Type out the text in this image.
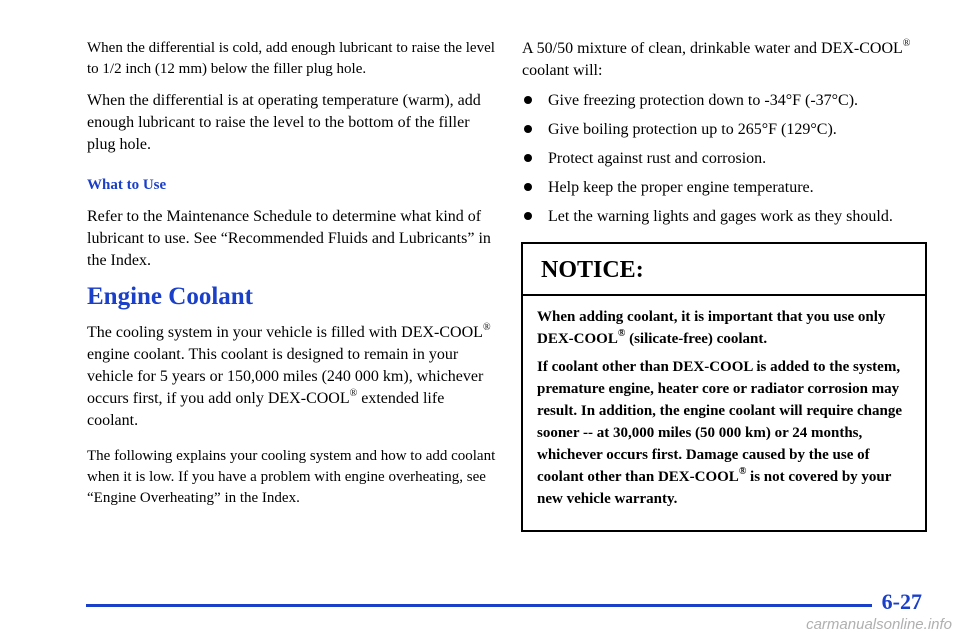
When the differential is cold, add enough lubricant to raise the level to 1/2 inch (12 mm) below the filler plug hole.

When the differential is at operating temperature (warm), add enough lubricant to raise the level to the bottom of the filler plug hole.

What to Use

Refer to the Maintenance Schedule to determine what kind of lubricant to use. See “Recommended Fluids and Lubricants” in the Index.

Engine Coolant

The cooling system in your vehicle is filled with DEX-COOL® engine coolant. This coolant is designed to remain in your vehicle for 5 years or 150,000 miles (240 000 km), whichever occurs first, if you add only DEX-COOL® extended life coolant.

The following explains your cooling system and how to add coolant when it is low. If you have a problem with engine overheating, see “Engine Overheating” in the Index.

A 50/50 mixture of clean, drinkable water and DEX-COOL® coolant will:

Give freezing protection down to -34°F (-37°C).
Give boiling protection up to 265°F (129°C).
Protect against rust and corrosion.
Help keep the proper engine temperature.
Let the warning lights and gages work as they should.
NOTICE:

When adding coolant, it is important that you use only DEX-COOL® (silicate-free) coolant.

If coolant other than DEX-COOL is added to the system, premature engine, heater core or radiator corrosion may result. In addition, the engine coolant will require change sooner -- at 30,000 miles (50 000 km) or 24 months, whichever occurs first. Damage caused by the use of coolant other than DEX-COOL® is not covered by your new vehicle warranty.

6-27
carmanualsonline.info
